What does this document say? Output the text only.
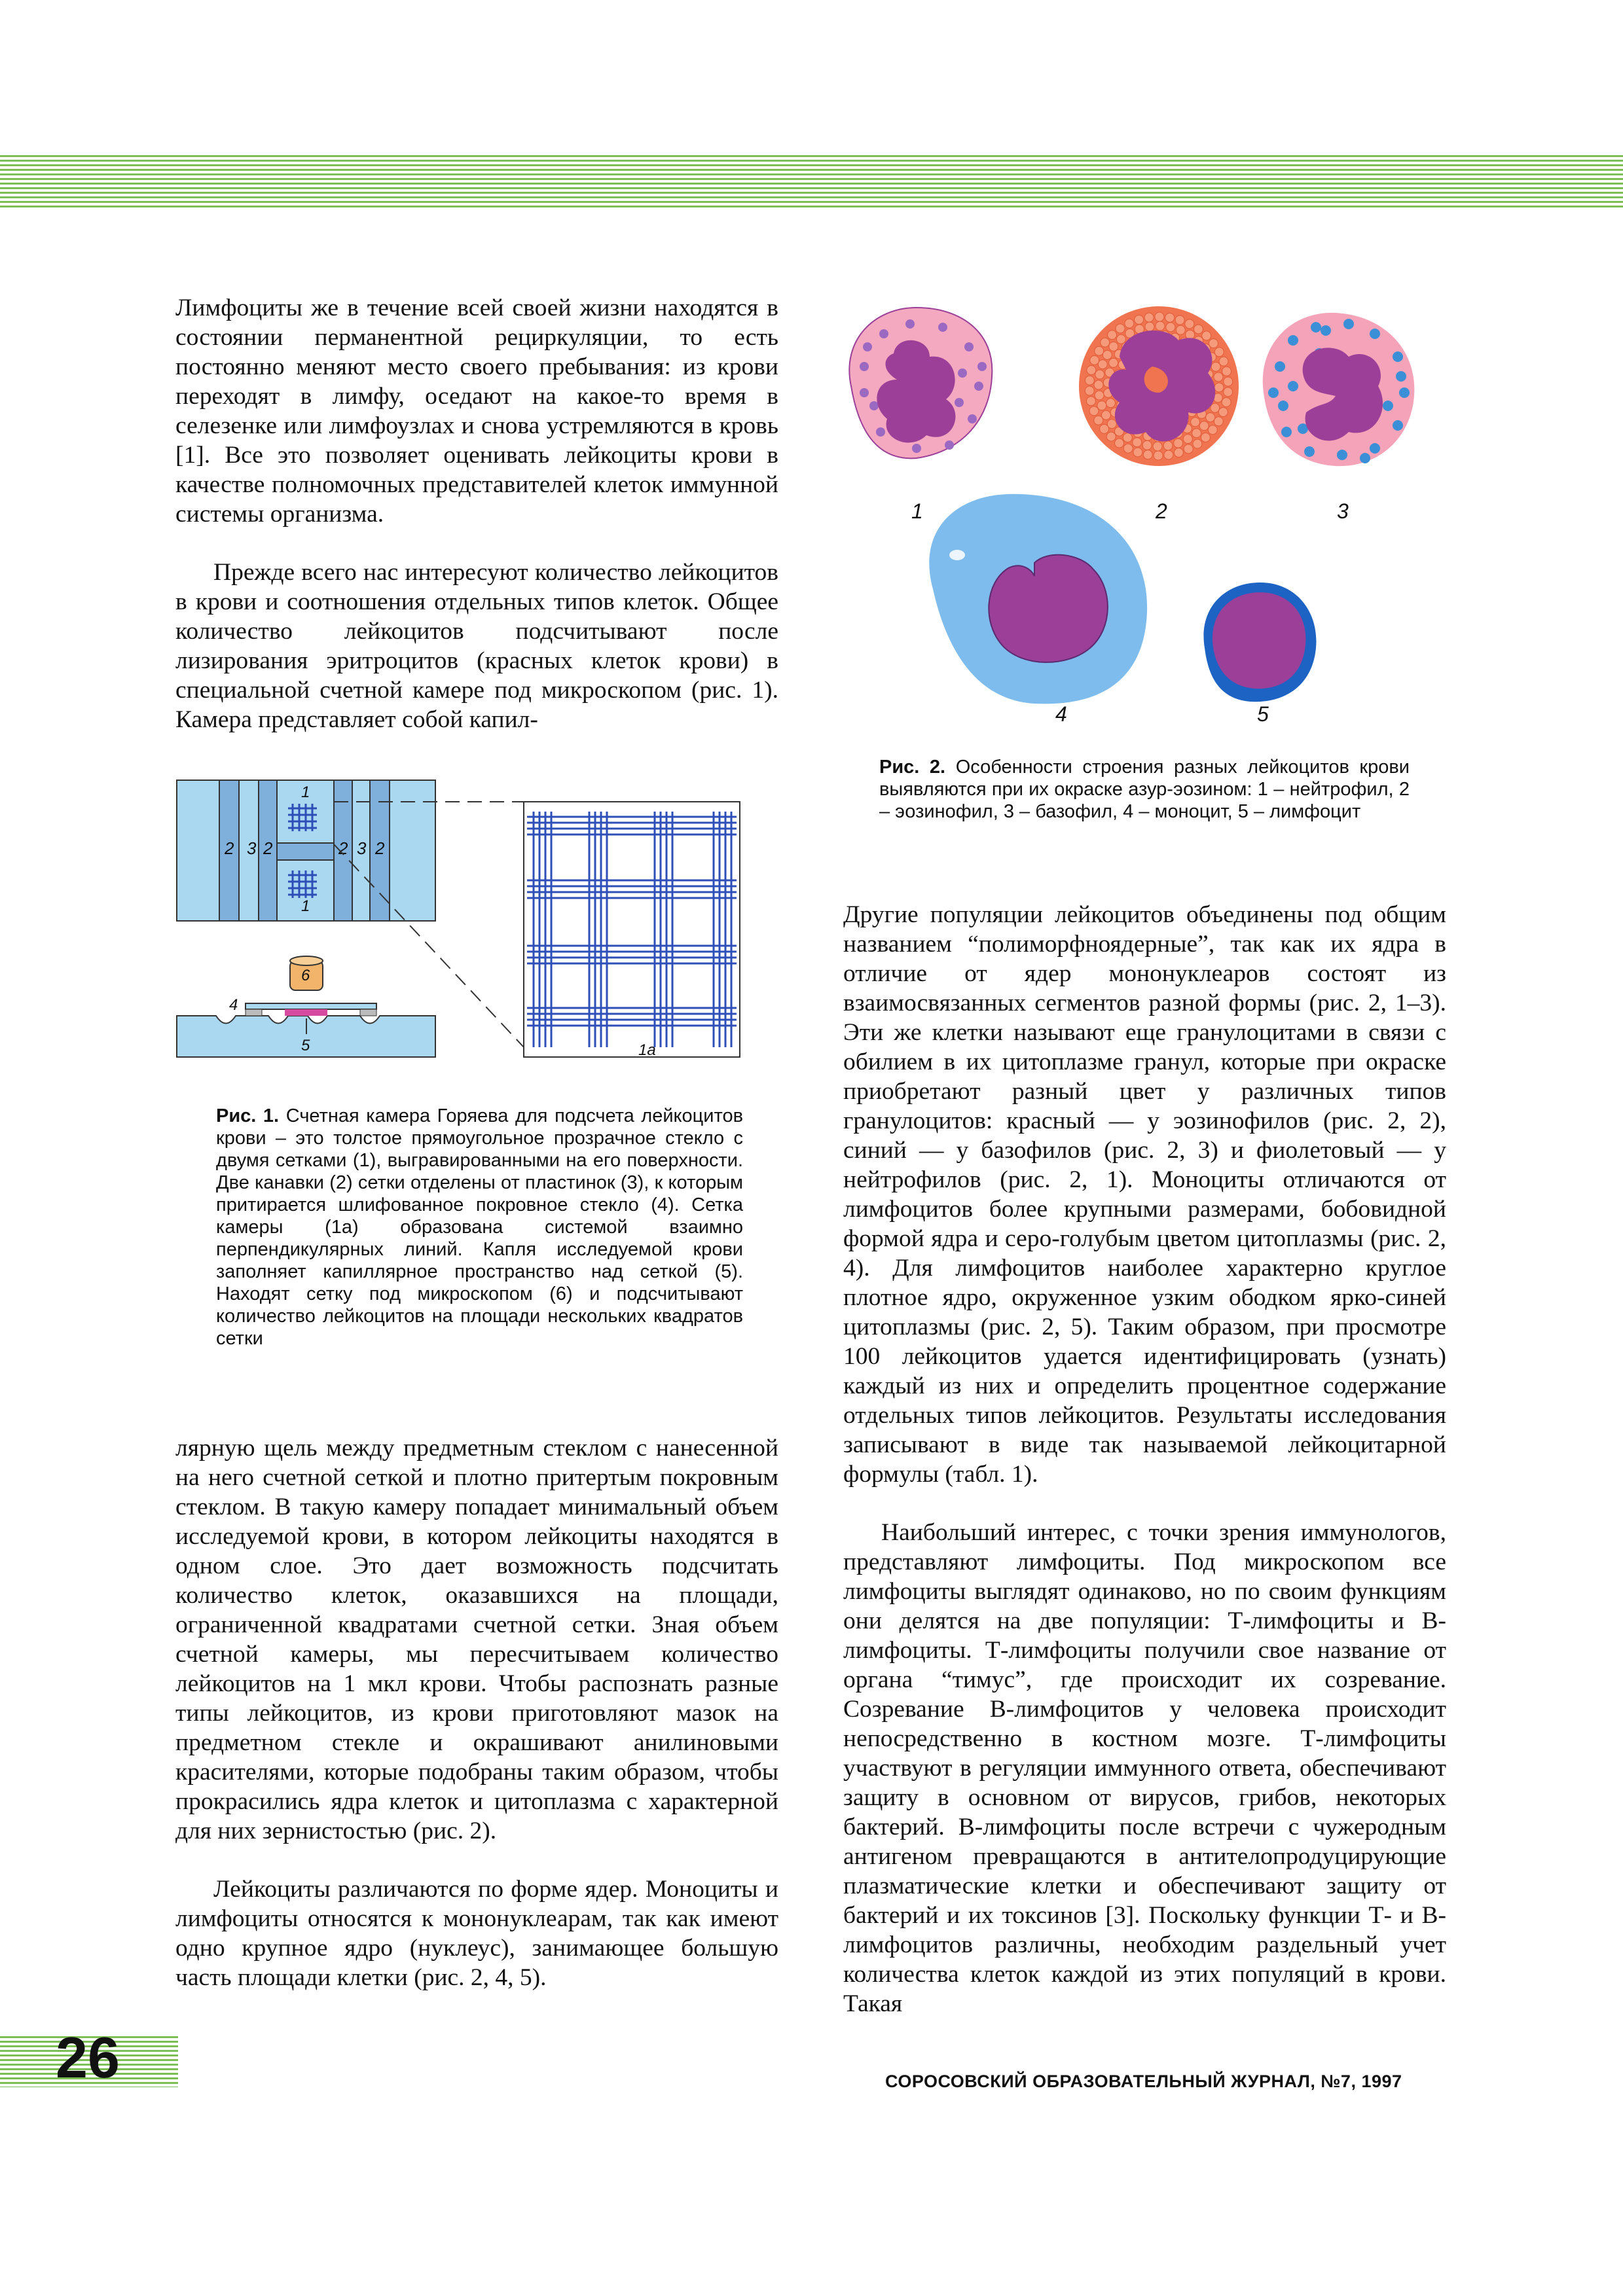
26

Лимфоциты же в течение всей своей жизни находятся в состоянии перманентной рециркуляции, то есть постоянно меняют место своего пребывания: из крови переходят в лимфу, оседают на какое-то время в селезенке или лимфоузлах и снова устремляются в кровь [1]. Все это позволяет оценивать лейкоциты крови в качестве полномочных представителей клеток иммунной системы организма.

Прежде всего нас интересуют количество лейкоцитов в крови и соотношения отдельных типов клеток. Общее количество лейкоцитов подсчитывают после лизирования эритроцитов (красных клеток крови) в специальной счетной камере под микроскопом (рис. 1). Камера представляет собой капил-

1
1
2 3 2	2 3 2
1а
6
4
5
Рис. 1. Счетная камера Горяева для подсчета лейкоцитов крови – это толстое прямоугольное прозрачное стекло с двумя сетками (1), выгравированными на его поверхности. Две канавки (2) сетки отделены от пластинок (3), к которым притирается шлифованное покровное стекло (4). Сетка камеры (1а) образована системой взаимно перпендикулярных линий. Капля исследуемой крови заполняет капиллярное пространство над сеткой (5). Находят сетку под микроскопом (6) и подсчитывают количество лейкоцитов на площади нескольких квадратов сетки
1	2	3
4	5
Рис. 2. Особенности строения разных лейкоцитов крови выявляются при их окраске азур-эозином: 1 – нейтрофил, 2 – эозинофил, 3 – базофил, 4 – моноцит, 5 – лимфоцит

лярную щель между предметным стеклом с нанесенной на него счетной сеткой и плотно притертым покровным стеклом. В такую камеру попадает минимальный объем исследуемой крови, в котором лейкоциты находятся в одном слое. Это дает возможность подсчитать количество клеток, оказавшихся на площади, ограниченной квадратами счетной сетки. Зная объем счетной камеры, мы пересчитываем количество лейкоцитов на 1 мкл крови. Чтобы распознать разные типы лейкоцитов, из крови приготовляют мазок на предметном стекле и окрашивают анилиновыми красителями, которые подобраны таким образом, чтобы прокрасились ядра клеток и цитоплазма с характерной для них зернистостью (рис. 2).

Лейкоциты различаются по форме ядер. Моноциты и лимфоциты относятся к мононуклеарам, так как имеют одно крупное ядро (нуклеус), занимающее большую часть площади клетки (рис. 2, 4, 5).

Другие популяции лейкоцитов объединены под общим названием “полиморфноядерные”, так как их ядра в отличие от ядер мононуклеаров состоят из взаимосвязанных сегментов разной формы (рис. 2, 1–3). Эти же клетки называют еще гранулоцитами в связи с обилием в их цитоплазме гранул, которые при окраске приобретают разный цвет у различных типов гранулоцитов: красный — у эозинофилов (рис. 2, 2), синий — у базофилов (рис. 2, 3) и фиолетовый — у нейтрофилов (рис. 2, 1). Моноциты отличаются от лимфоцитов более крупными размерами, бобовидной формой ядра и серо-голубым цветом цитоплазмы (рис. 2, 4). Для лимфоцитов наиболее характерно круглое плотное ядро, окруженное узким ободком ярко-синей цитоплазмы (рис. 2, 5). Таким образом, при просмотре 100 лейкоцитов удается идентифицировать (узнать) каждый из них и определить процентное содержание отдельных типов лейкоцитов. Результаты исследования записывают в виде так называемой лейкоцитарной формулы (табл. 1).

Наибольший интерес, с точки зрения иммунологов, представляют лимфоциты. Под микроскопом все лимфоциты выглядят одинаково, но по своим функциям они делятся на две популяции: Т-лимфоциты и В-лимфоциты. Т-лимфоциты получили свое название от органа “тимус”, где происходит их созревание. Созревание В-лимфоцитов у человека происходит непосредственно в костном мозге. Т-лимфоциты участвуют в регуляции иммунного ответа, обеспечивают защиту в основном от вирусов, грибов, некоторых бактерий. В-лимфоциты после встречи с чужеродным антигеном превращаются в антителопродуцирующие плазматические клетки и обеспечивают защиту от бактерий и их токсинов [3]. Поскольку функции Т- и В-лимфоцитов различны, необходим раздельный учет количества клеток каждой из этих популяций в крови. Такая

СОРОСОВСКИЙ ОБРАЗОВАТЕЛЬНЫЙ ЖУРНАЛ, №7, 1997
